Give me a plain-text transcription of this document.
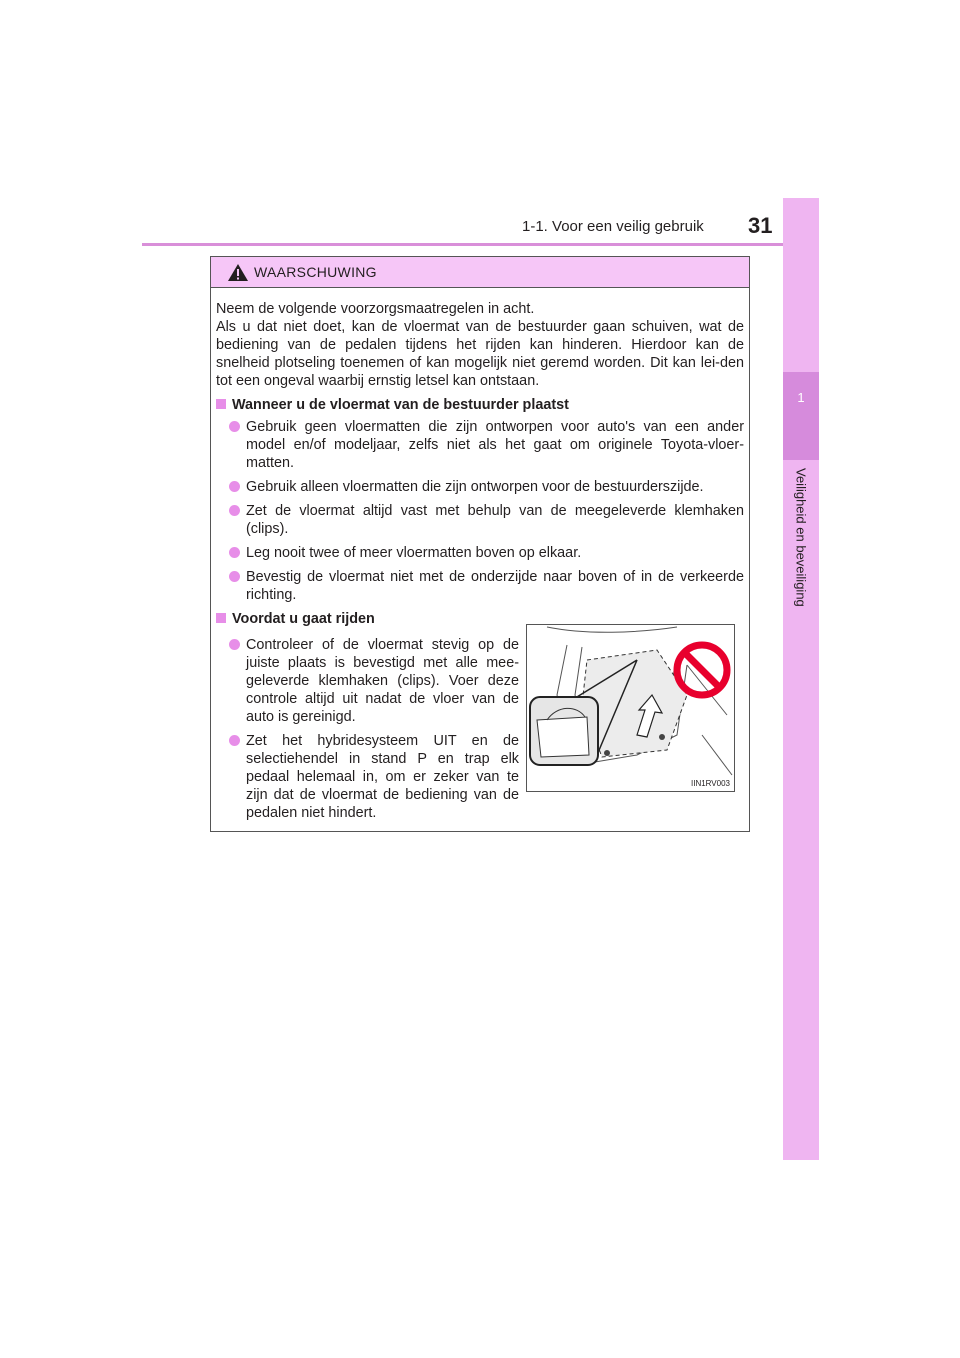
1-1. Voor een veilig gebruik 31
1
Veiligheid en beveiliging
WAARSCHUWING
Neem de volgende voorzorgsmaatregelen in acht.
Als u dat niet doet, kan de vloermat van de bestuurder gaan schuiven, wat de bediening van de pedalen tijdens het rijden kan hinderen. Hierdoor kan de snelheid plotseling toenemen of kan mogelijk niet geremd worden. Dit kan lei-den tot een ongeval waarbij ernstig letsel kan ontstaan.
Wanneer u de vloermat van de bestuurder plaatst
Gebruik geen vloermatten die zijn ontworpen voor auto's van een ander model en/of modeljaar, zelfs niet als het gaat om originele Toyota-vloer-matten.
Gebruik alleen vloermatten die zijn ontworpen voor de bestuurderszijde.
Zet de vloermat altijd vast met behulp van de meegeleverde klemhaken (clips).
Leg nooit twee of meer vloermatten boven op elkaar.
Bevestig de vloermat niet met de onderzijde naar boven of in de verkeerde richting.
Voordat u gaat rijden
Controleer of de vloermat stevig op de juiste plaats is bevestigd met alle mee-geleverde klemhaken (clips). Voer deze controle altijd uit nadat de vloer van de auto is gereinigd.
Zet het hybridesysteem UIT en de selectiehendel in stand P en trap elk pedaal helemaal in, om er zeker van te zijn dat de vloermat de bediening van de pedalen niet hindert.
IIN1RV003
